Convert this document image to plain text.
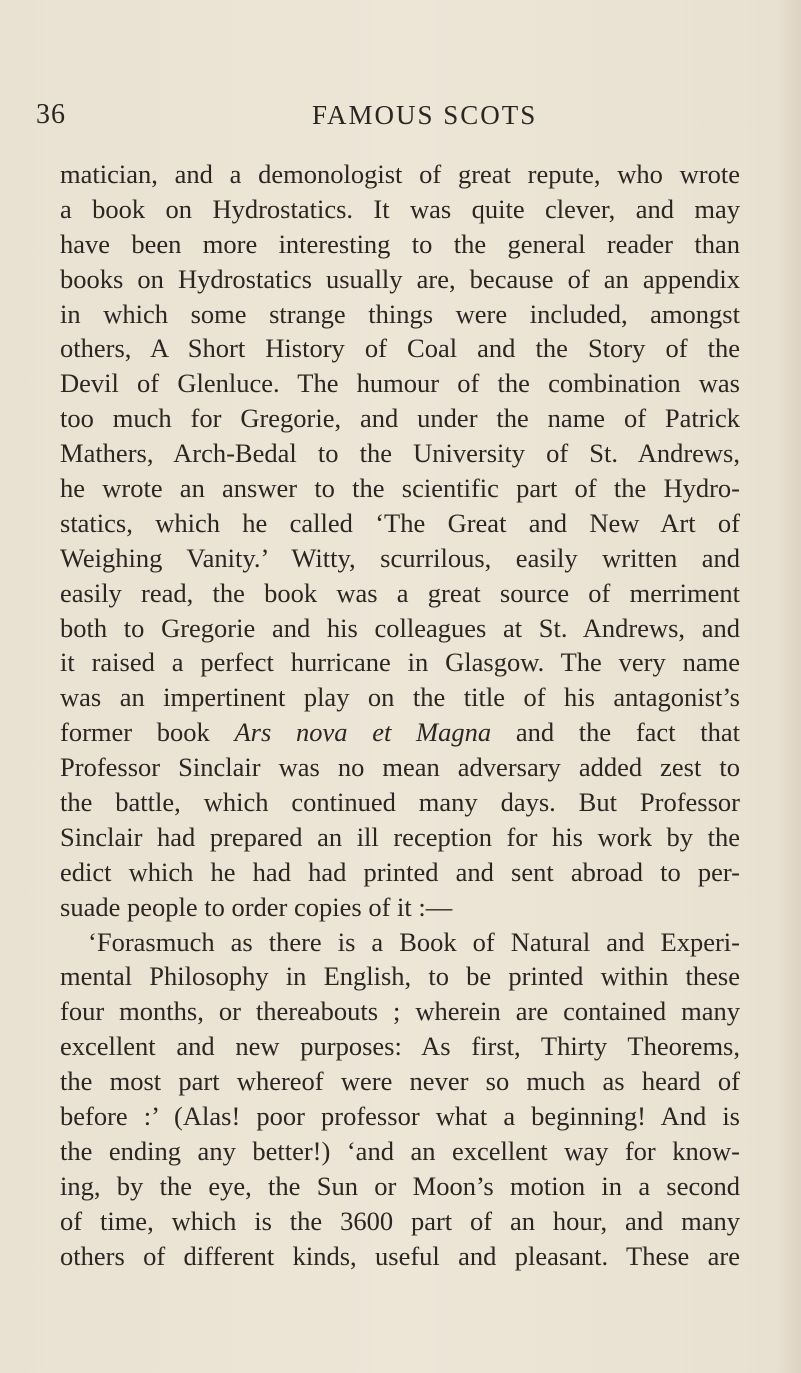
36	FAMOUS SCOTS
matician, and a demonologist of great repute, who wrote
a book on Hydrostatics. It was quite clever, and may
have been more interesting to the general reader than
books on Hydrostatics usually are, because of an appendix
in which some strange things were included, amongst
others, A Short History of Coal and the Story of the
Devil of Glenluce. The humour of the combination was
too much for Gregorie, and under the name of Patrick
Mathers, Arch-Bedal to the University of St. Andrews,
he wrote an answer to the scientific part of the Hydro-
statics, which he called ‘The Great and New Art of
Weighing Vanity.’ Witty, scurrilous, easily written and
easily read, the book was a great source of merriment
both to Gregorie and his colleagues at St. Andrews, and
it raised a perfect hurricane in Glasgow. The very name
was an impertinent play on the title of his antagonist’s
former book Ars nova et Magna and the fact that
Professor Sinclair was no mean adversary added zest to
the battle, which continued many days. But Professor
Sinclair had prepared an ill reception for his work by the
edict which he had had printed and sent abroad to per-
suade people to order copies of it :—
‘Forasmuch as there is a Book of Natural and Experi-
mental Philosophy in English, to be printed within these
four months, or thereabouts ; wherein are contained many
excellent and new purposes: As first, Thirty Theorems,
the most part whereof were never so much as heard of
before :’ (Alas! poor professor what a beginning! And is
the ending any better!) ‘and an excellent way for know-
ing, by the eye, the Sun or Moon’s motion in a second
of time, which is the 3600 part of an hour, and many
others of different kinds, useful and pleasant. These are
